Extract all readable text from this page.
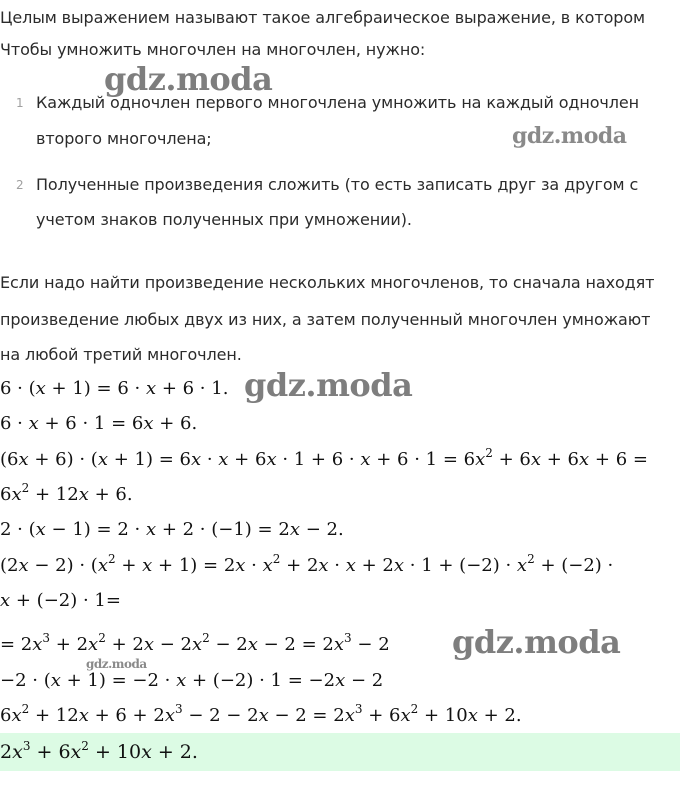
Целым выражением называют такое алгебраическое выражение, в котором
Чтобы умножить многочлен на многочлен, нужно:
1 Каждый одночлен первого многочлена умножить на каждый одночлен
второго многочлена;
2 Полученные произведения сложить (то есть записать друг за другом с
учетом знаков полученных при умножении).
Если надо найти произведение нескольких многочленов, то сначала находят
произведение любых двух из них, а затем полученный многочлен умножают
на любой третий многочлен.
6 · (x + 1) = 6 · x + 6 · 1.
6 · x + 6 · 1 = 6x + 6.
$(6x + 6) \cdot (x + 1) = 6x \cdot x + 6x \cdot 1 + 6 \cdot x + 6 \cdot 1 = 6x^2 + 6x + 6x + 6$ =
$6x^2 + 12x + 6$.
2 · (x − 1) = 2 · x + 2 · (−1) = 2x − 2.
$(2x - 2) \cdot (x^2 + x + 1) = 2x \cdot x^2 + 2x \cdot x + 2x \cdot 1 + (-2) \cdot x^2 + (-2)$ ·
x + (−2) · 1=
= $2x^3 + 2x^2 + 2x - 2x^2 - 2x - 2 = 2x^3 - 2$
−2 · (x + 1) = −2 · x + (−2) · 1 = −2x − 2
$6x^2 + 12x + 6 + 2x^3 - 2 - 2x - 2 = 2x^3 + 6x^2 + 10x + 2$.
$2x^3 + 6x^2 + 10x + 2$.
gdz.moda
gdz.moda
gdz.moda
gdz.moda
gdz.moda
